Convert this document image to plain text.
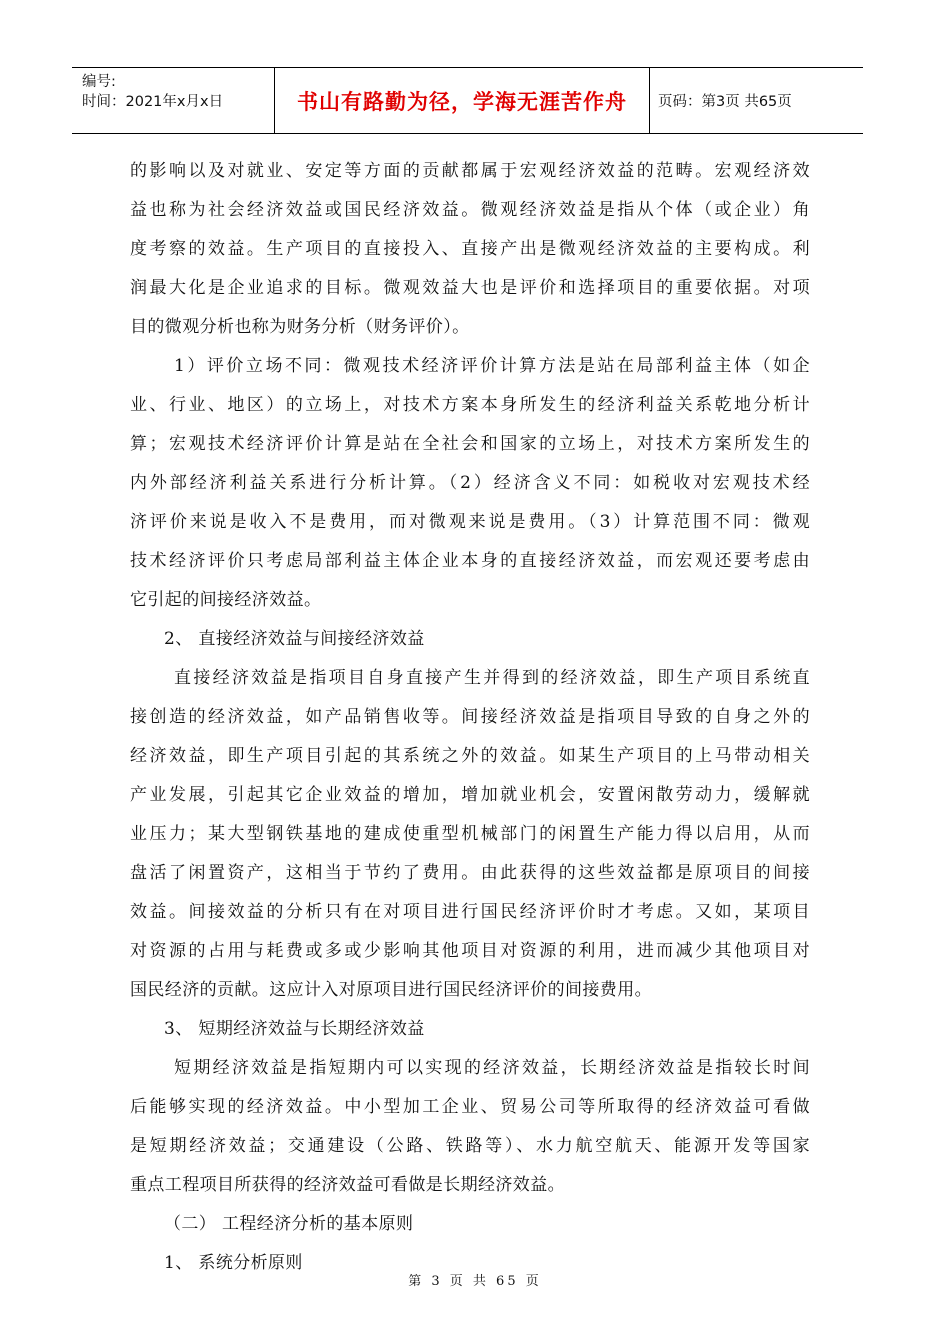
编号:
时间：2021年x月x日	书山有路勤为径，学海无涯苦作舟 页码：第3页 共65页
的影响以及对就业、安定等方面的贡献都属于宏观经济效益的范畴。宏观经济效
益也称为社会经济效益或国民经济效益。微观经济效益是指从个体（或企业）角
度考察的效益。生产项目的直接投入、直接产出是微观经济效益的主要构成。利
润最大化是企业追求的目标。微观效益大也是评价和选择项目的重要依据。对项
目的微观分析也称为财务分析（财务评价）。
1）评价立场不同：微观技术经济评价计算方法是站在局部利益主体（如企
业、行业、地区）的立场上，对技术方案本身所发生的经济利益关系乾地分析计
算；宏观技术经济评价计算是站在全社会和国家的立场上，对技术方案所发生的
内外部经济利益关系进行分析计算。（2）经济含义不同：如税收对宏观技术经
济评价来说是收入不是费用，而对微观来说是费用。（3）计算范围不同：微观
技术经济评价只考虑局部利益主体企业本身的直接经济效益，而宏观还要考虑由
它引起的间接经济效益。
2、 直接经济效益与间接经济效益
直接经济效益是指项目自身直接产生并得到的经济效益，即生产项目系统直
接创造的经济效益，如产品销售收等。间接经济效益是指项目导致的自身之外的
经济效益，即生产项目引起的其系统之外的效益。如某生产项目的上马带动相关
产业发展，引起其它企业效益的增加，增加就业机会，安置闲散劳动力，缓解就
业压力；某大型钢铁基地的建成使重型机械部门的闲置生产能力得以启用，从而
盘活了闲置资产，这相当于节约了费用。由此获得的这些效益都是原项目的间接
效益。间接效益的分析只有在对项目进行国民经济评价时才考虑。又如，某项目
对资源的占用与耗费或多或少影响其他项目对资源的利用，进而减少其他项目对
国民经济的贡献。这应计入对原项目进行国民经济评价的间接费用。
3、 短期经济效益与长期经济效益
短期经济效益是指短期内可以实现的经济效益，长期经济效益是指较长时间
后能够实现的经济效益。中小型加工企业、贸易公司等所取得的经济效益可看做
是短期经济效益；交通建设（公路、铁路等）、水力航空航天、能源开发等国家
重点工程项目所获得的经济效益可看做是长期经济效益。
（二） 工程经济分析的基本原则
1、 系统分析原则
第 3 页 共 65 页
